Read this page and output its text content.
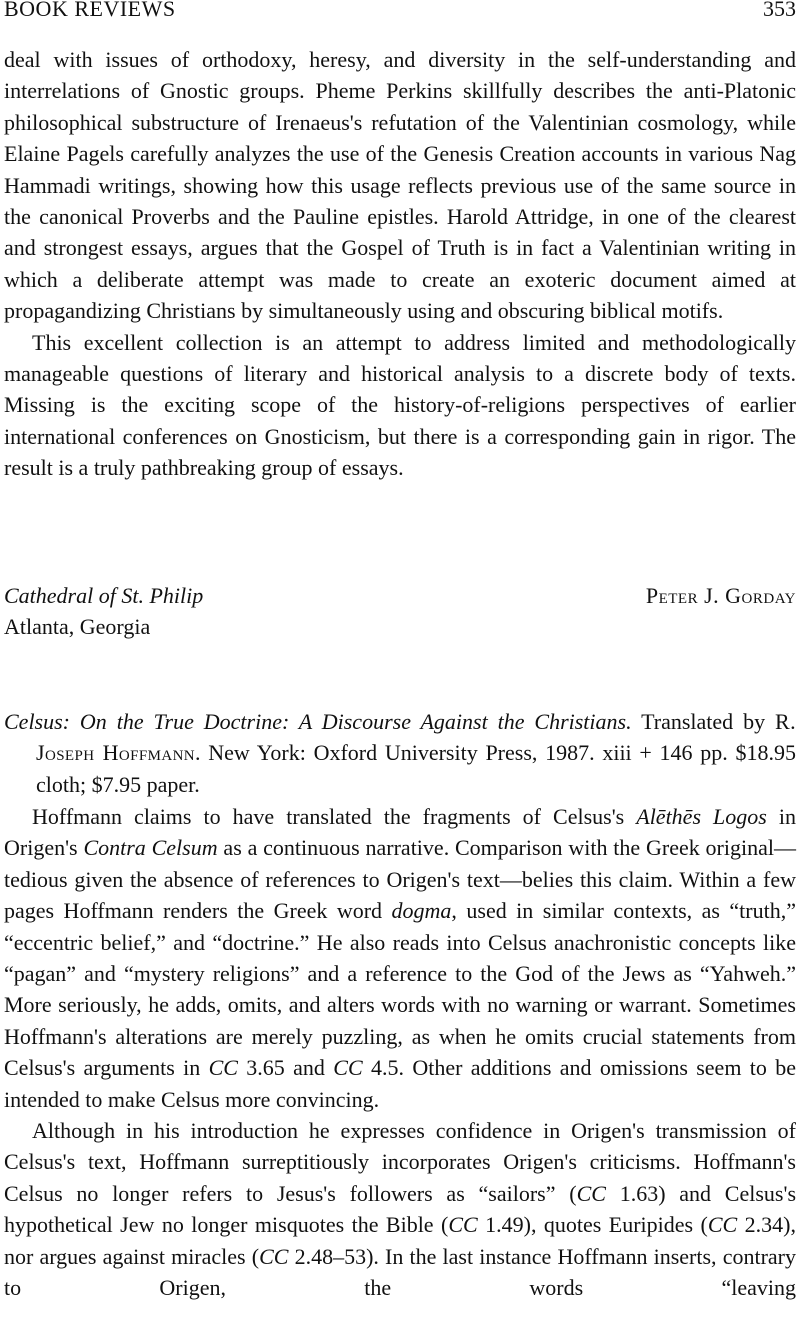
BOOK REVIEWS	353

deal with issues of orthodoxy, heresy, and diversity in the self-understanding and interrelations of Gnostic groups. Pheme Perkins skillfully describes the anti-Platonic philosophical substructure of Irenaeus's refutation of the Valentinian cosmology, while Elaine Pagels carefully analyzes the use of the Genesis Creation accounts in various Nag Hammadi writings, showing how this usage reflects previous use of the same source in the canonical Proverbs and the Pauline epistles. Harold Attridge, in one of the clearest and strongest essays, argues that the Gospel of Truth is in fact a Valentinian writing in which a deliberate attempt was made to create an exoteric document aimed at propagandizing Christians by simultaneously using and obscuring biblical motifs.

This excellent collection is an attempt to address limited and methodologically manageable questions of literary and historical analysis to a discrete body of texts. Missing is the exciting scope of the history-of-religions perspectives of earlier international conferences on Gnosticism, but there is a corresponding gain in rigor. The result is a truly pathbreaking group of essays.

Cathedral of St. Philip
Atlanta, Georgia
Peter J. Gorday
Celsus: On the True Doctrine: A Discourse Against the Christians. Translated by R. Joseph Hoffmann. New York: Oxford University Press, 1987. xiii + 146 pp. $18.95 cloth; $7.95 paper.

Hoffmann claims to have translated the fragments of Celsus's Alēthēs Logos in Origen's Contra Celsum as a continuous narrative. Comparison with the Greek original—tedious given the absence of references to Origen's text—belies this claim. Within a few pages Hoffmann renders the Greek word dogma, used in similar contexts, as “truth,” “eccentric belief,” and “doctrine.” He also reads into Celsus anachronistic concepts like “pagan” and “mystery religions” and a reference to the God of the Jews as “Yahweh.” More seriously, he adds, omits, and alters words with no warning or warrant. Sometimes Hoffmann's alterations are merely puzzling, as when he omits crucial statements from Celsus's arguments in CC 3.65 and CC 4.5. Other additions and omissions seem to be intended to make Celsus more convincing.

Although in his introduction he expresses confidence in Origen's transmission of Celsus's text, Hoffmann surreptitiously incorporates Origen's criticisms. Hoffmann's Celsus no longer refers to Jesus's followers as “sailors” (CC 1.63) and Celsus's hypothetical Jew no longer misquotes the Bible (CC 1.49), quotes Euripides (CC 2.34), nor argues against miracles (CC 2.48–53). In the last instance Hoffmann inserts, contrary to Origen, the words “leaving
